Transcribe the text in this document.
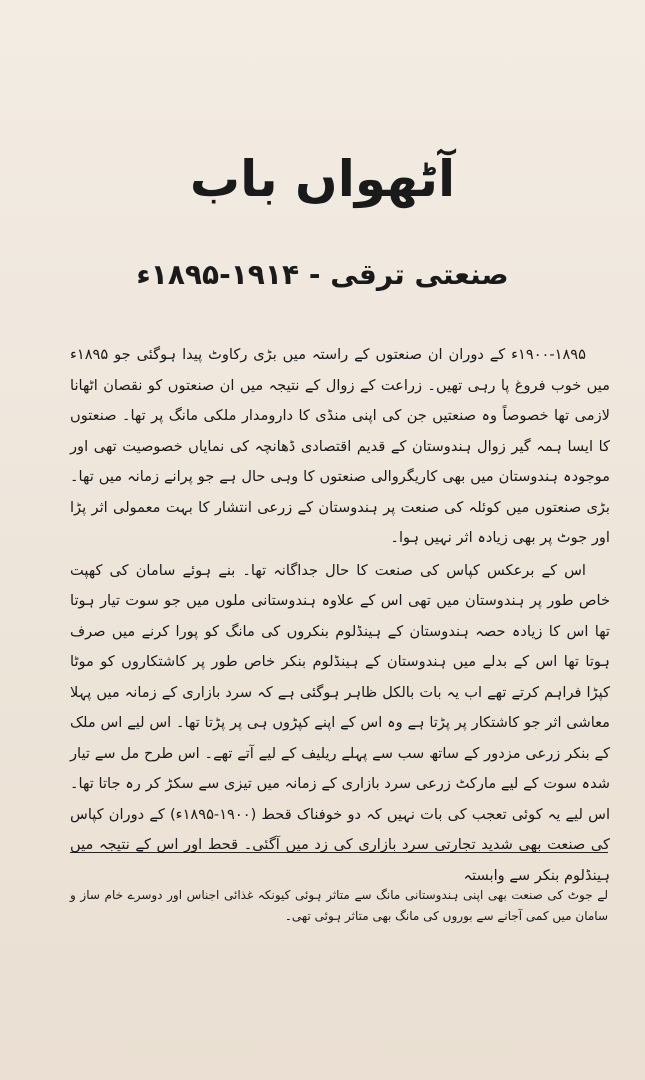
آٹھواں باب
صنعتی ترقی - ۱۹۱۴-۱۸۹۵ء

۱۹۰۰-۱۸۹۵ء کے دوران ان صنعتوں کے راستہ میں بڑی رکاوٹ پیدا ہوگئی جو ۱۸۹۵ء میں خوب فروغ پا رہی تھیں۔ زراعت کے زوال کے نتیجہ میں ان صنعتوں کو نقصان اٹھانا لازمی تھا خصوصاً وہ صنعتیں جن کی اپنی منڈی کا دارومدار ملکی مانگ پر تھا۔ صنعتوں کا ایسا ہمہ گیر زوال ہندوستان کے قدیم اقتصادی ڈھانچہ کی نمایاں خصوصیت تھی اور موجودہ ہندوستان میں بھی کاریگروالی صنعتوں کا وہی حال ہے جو پرانے زمانہ میں تھا۔ بڑی صنعتوں میں کوئلہ کی صنعت پر ہندوستان کے زرعی انتشار کا بہت معمولی اثر پڑا اور جوٹ پر بھی زیادہ اثر نہیں ہوا۔

اس کے برعکس کپاس کی صنعت کا حال جداگانہ تھا۔ بنے ہوئے سامان کی کھپت خاص طور پر ہندوستان میں تھی اس کے علاوہ ہندوستانی ملوں میں جو سوت تیار ہوتا تھا اس کا زیادہ حصہ ہندوستان کے ہینڈلوم بنکروں کی مانگ کو پورا کرنے میں صرف ہوتا تھا اس کے بدلے میں ہندوستان کے ہینڈلوم بنکر خاص طور پر کاشتکاروں کو موٹا کپڑا فراہم کرتے تھے اب یہ بات بالکل ظاہر ہوگئی ہے کہ سرد بازاری کے زمانہ میں پہلا معاشی اثر جو کاشتکار پر پڑتا ہے وہ اس کے اپنے کپڑوں ہی پر پڑتا تھا۔ اس لیے اس ملک کے بنکر زرعی مزدور کے ساتھ سب سے پہلے ریلیف کے لیے آتے تھے۔ اس طرح مل سے تیار شدہ سوت کے لیے مارکٹ زرعی سرد بازاری کے زمانہ میں تیزی سے سکڑ کر رہ جاتا تھا۔ اس لیے یہ کوئی تعجب کی بات نہیں کہ دو خوفناک قحط (۱۹۰۰-۱۸۹۵ء) کے دوران کپاس کی صنعت بھی شدید تجارتی سرد بازاری کی زد میں آگئی۔ قحط اور اس کے نتیجہ میں ہینڈلوم بنکر سے وابستہ

لے جوٹ کی صنعت بھی اپنی ہندوستانی مانگ سے متاثر ہوئی کیونکہ غذائی اجناس اور دوسرے خام ساز و سامان میں کمی آجانے سے بوروں کی مانگ بھی متاثر ہوئی تھی۔
